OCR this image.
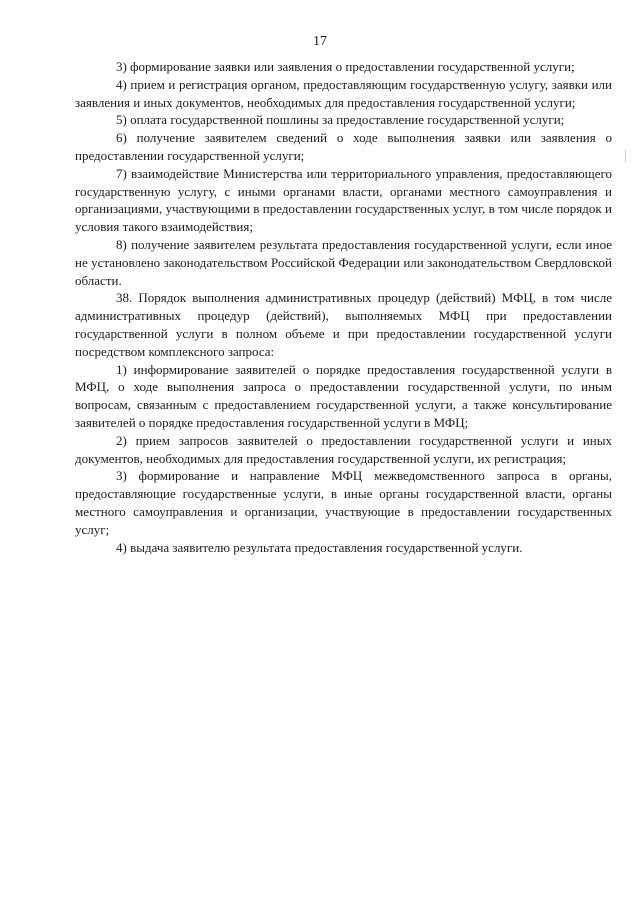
17

3) формирование заявки или заявления о предоставлении государственной услуги;

4) прием и регистрация органом, предоставляющим государственную услугу, заявки или заявления и иных документов, необходимых для предоставления государственной услуги;

5) оплата государственной пошлины за предоставление государственной услуги;

6) получение заявителем сведений о ходе выполнения заявки или заявления о предоставлении государственной услуги;

7) взаимодействие Министерства или территориального управления, предоставляющего государственную услугу, с иными органами власти, органами местного самоуправления и организациями, участвующими в предоставлении государственных услуг, в том числе порядок и условия такого взаимодействия;

8) получение заявителем результата предоставления государственной услуги, если иное не установлено законодательством Российской Федерации или законодательством Свердловской области.

38. Порядок выполнения административных процедур (действий) МФЦ, в том числе административных процедур (действий), выполняемых МФЦ при предоставлении государственной услуги в полном объеме и при предоставлении государственной услуги посредством комплексного запроса:

1) информирование заявителей о порядке предоставления государственной услуги в МФЦ, о ходе выполнения запроса о предоставлении государственной услуги, по иным вопросам, связанным с предоставлением государственной услуги, а также консультирование заявителей о порядке предоставления государственной услуги в МФЦ;

2) прием запросов заявителей о предоставлении государственной услуги и иных документов, необходимых для предоставления государственной услуги, их регистрация;

3) формирование и направление МФЦ межведомственного запроса в органы, предоставляющие государственные услуги, в иные органы государственной власти, органы местного самоуправления и организации, участвующие в предоставлении государственных услуг;

4) выдача заявителю результата предоставления государственной услуги.
